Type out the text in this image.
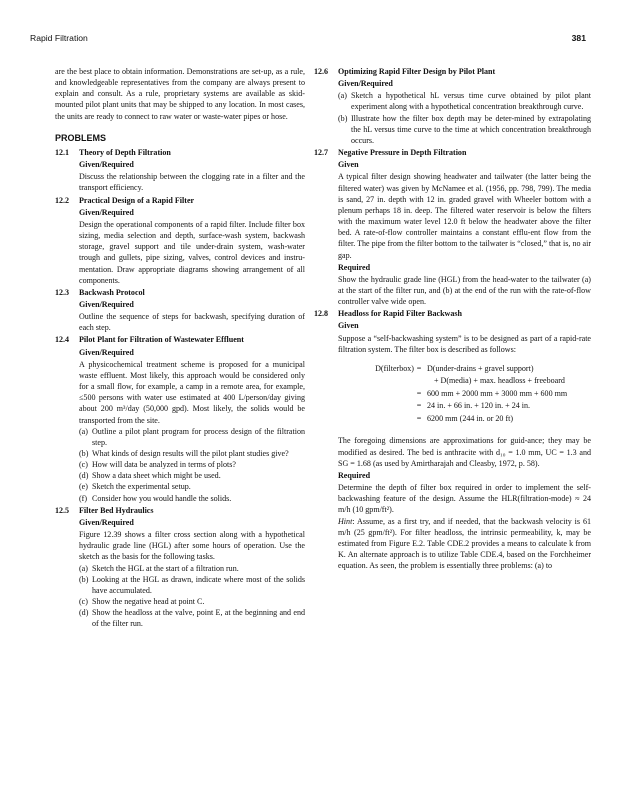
Rapid Filtration	381

are the best place to obtain information. Demonstrations are set-up, as a rule, and knowledgeable representatives from the company are always present to explain and consult. As a rule, proprietary systems are available as skid-mounted pilot plant units that may be shipped to any location. In most cases, the units are ready to connect to raw water or waste-water pipes or hose.

PROBLEMS
12.1	Theory of Depth Filtration
Given/Required

Discuss the relationship between the clogging rate in a filter and the transport efficiency.

12.2	Practical Design of a Rapid Filter
Given/Required

Design the operational components of a rapid filter. Include filter box sizing, media selection and depth, surface-wash system, backwash storage, gravel support and tile under-drain system, wash-water trough and gullets, pipe sizing, valves, control devices and instru-mentation. Draw appropriate diagrams showing arrangement of all components.

12.3	Backwash Protocol
Given/Required

Outline the sequence of steps for backwash, specifying duration of each step.

12.4	Pilot Plant for Filtration of Wastewater Effluent
Given/Required

A physicochemical treatment scheme is proposed for a municipal waste effluent. Most likely, this approach would be considered only for a small flow, for example, a camp in a remote area, for example, ≤500 persons with water use estimated at 400 L/person/day giving about 200 m³/day (50,000 gpd). Most likely, the solids would be transported from the site.

(a) Outline a pilot plant program for process design of the filtration step.
(b) What kinds of design results will the pilot plant studies give?
(c) How will data be analyzed in terms of plots?
(d) Show a data sheet which might be used.
(e) Sketch the experimental setup.
(f) Consider how you would handle the solids.
12.5	Filter Bed Hydraulics
Given/Required

Figure 12.39 shows a filter cross section along with a hypothetical hydraulic grade line (HGL) after some hours of operation. Use the sketch as the basis for the following tasks.

(a) Sketch the HGL at the start of a filtration run.
(b) Looking at the HGL as drawn, indicate where most of the solids have accumulated.
(c) Show the negative head at point C.
(d) Show the headloss at the valve, point E, at the beginning and end of the filter run.
12.6	Optimizing Rapid Filter Design by Pilot Plant
Given/Required
(a) Sketch a hypothetical hL versus time curve obtained by pilot plant experiment along with a hypothetical concentration breakthrough curve.
(b) Illustrate how the filter box depth may be deter-mined by extrapolating the hL versus time curve to the time at which concentration breakthrough occurs.
12.7	Negative Pressure in Depth Filtration
Given

A typical filter design showing headwater and tailwater (the latter being the filtered water) was given by McNamee et al. (1956, pp. 798, 799). The media is sand, 27 in. depth with 12 in. graded gravel with Wheeler bottom with a plenum perhaps 18 in. deep. The filtered water reservoir is below the filters with the maximum water level 12.0 ft below the headwater above the filter bed. A rate-of-flow controller maintains a constant efflu-ent flow from the filter. The pipe from the filter bottom to the tailwater is “closed,” that is, no air gap.

Required

Show the hydraulic grade line (HGL) from the head-water to the tailwater (a) at the start of the filter run, and (b) at the end of the run with the rate-of-flow controller valve wide open.

12.8	Headloss for Rapid Filter Backwash
Given

Suppose a “self-backwashing system” is to be designed as part of a rapid-rate filtration system. The filter box is described as follows:

D(filterbox) = D(under-drains + gravel support)
+ D(media) + max. headloss + freeboard
= 600 mm + 2000 mm + 3000 mm + 600 mm
= 24 in. + 66 in. + 120 in. + 24 in.
= 6200 mm (244 in. or 20 ft)

The foregoing dimensions are approximations for guid-ance; they may be modified as desired. The bed is anthracite with d₁₀ = 1.0 mm, UC = 1.3 and SG = 1.68 (as used by Amirtharajah and Cleasby, 1972, p. 58).

Required

Determine the depth of filter box required in order to implement the self-backwashing feature of the design. Assume the HLR(filtration-mode) ≈ 24 m/h (10 gpm/ft²).

Hint: Assume, as a first try, and if needed, that the backwash velocity is 61 m/h (25 gpm/ft²). For filter headloss, the intrinsic permeability, k, may be estimated from Figure E.2. Table CDE.2 provides a means to calculate k from K. An alternate approach is to utilize Table CDE.4, based on the Forchheimer equation. As seen, the problem is essentially three problems: (a) to
